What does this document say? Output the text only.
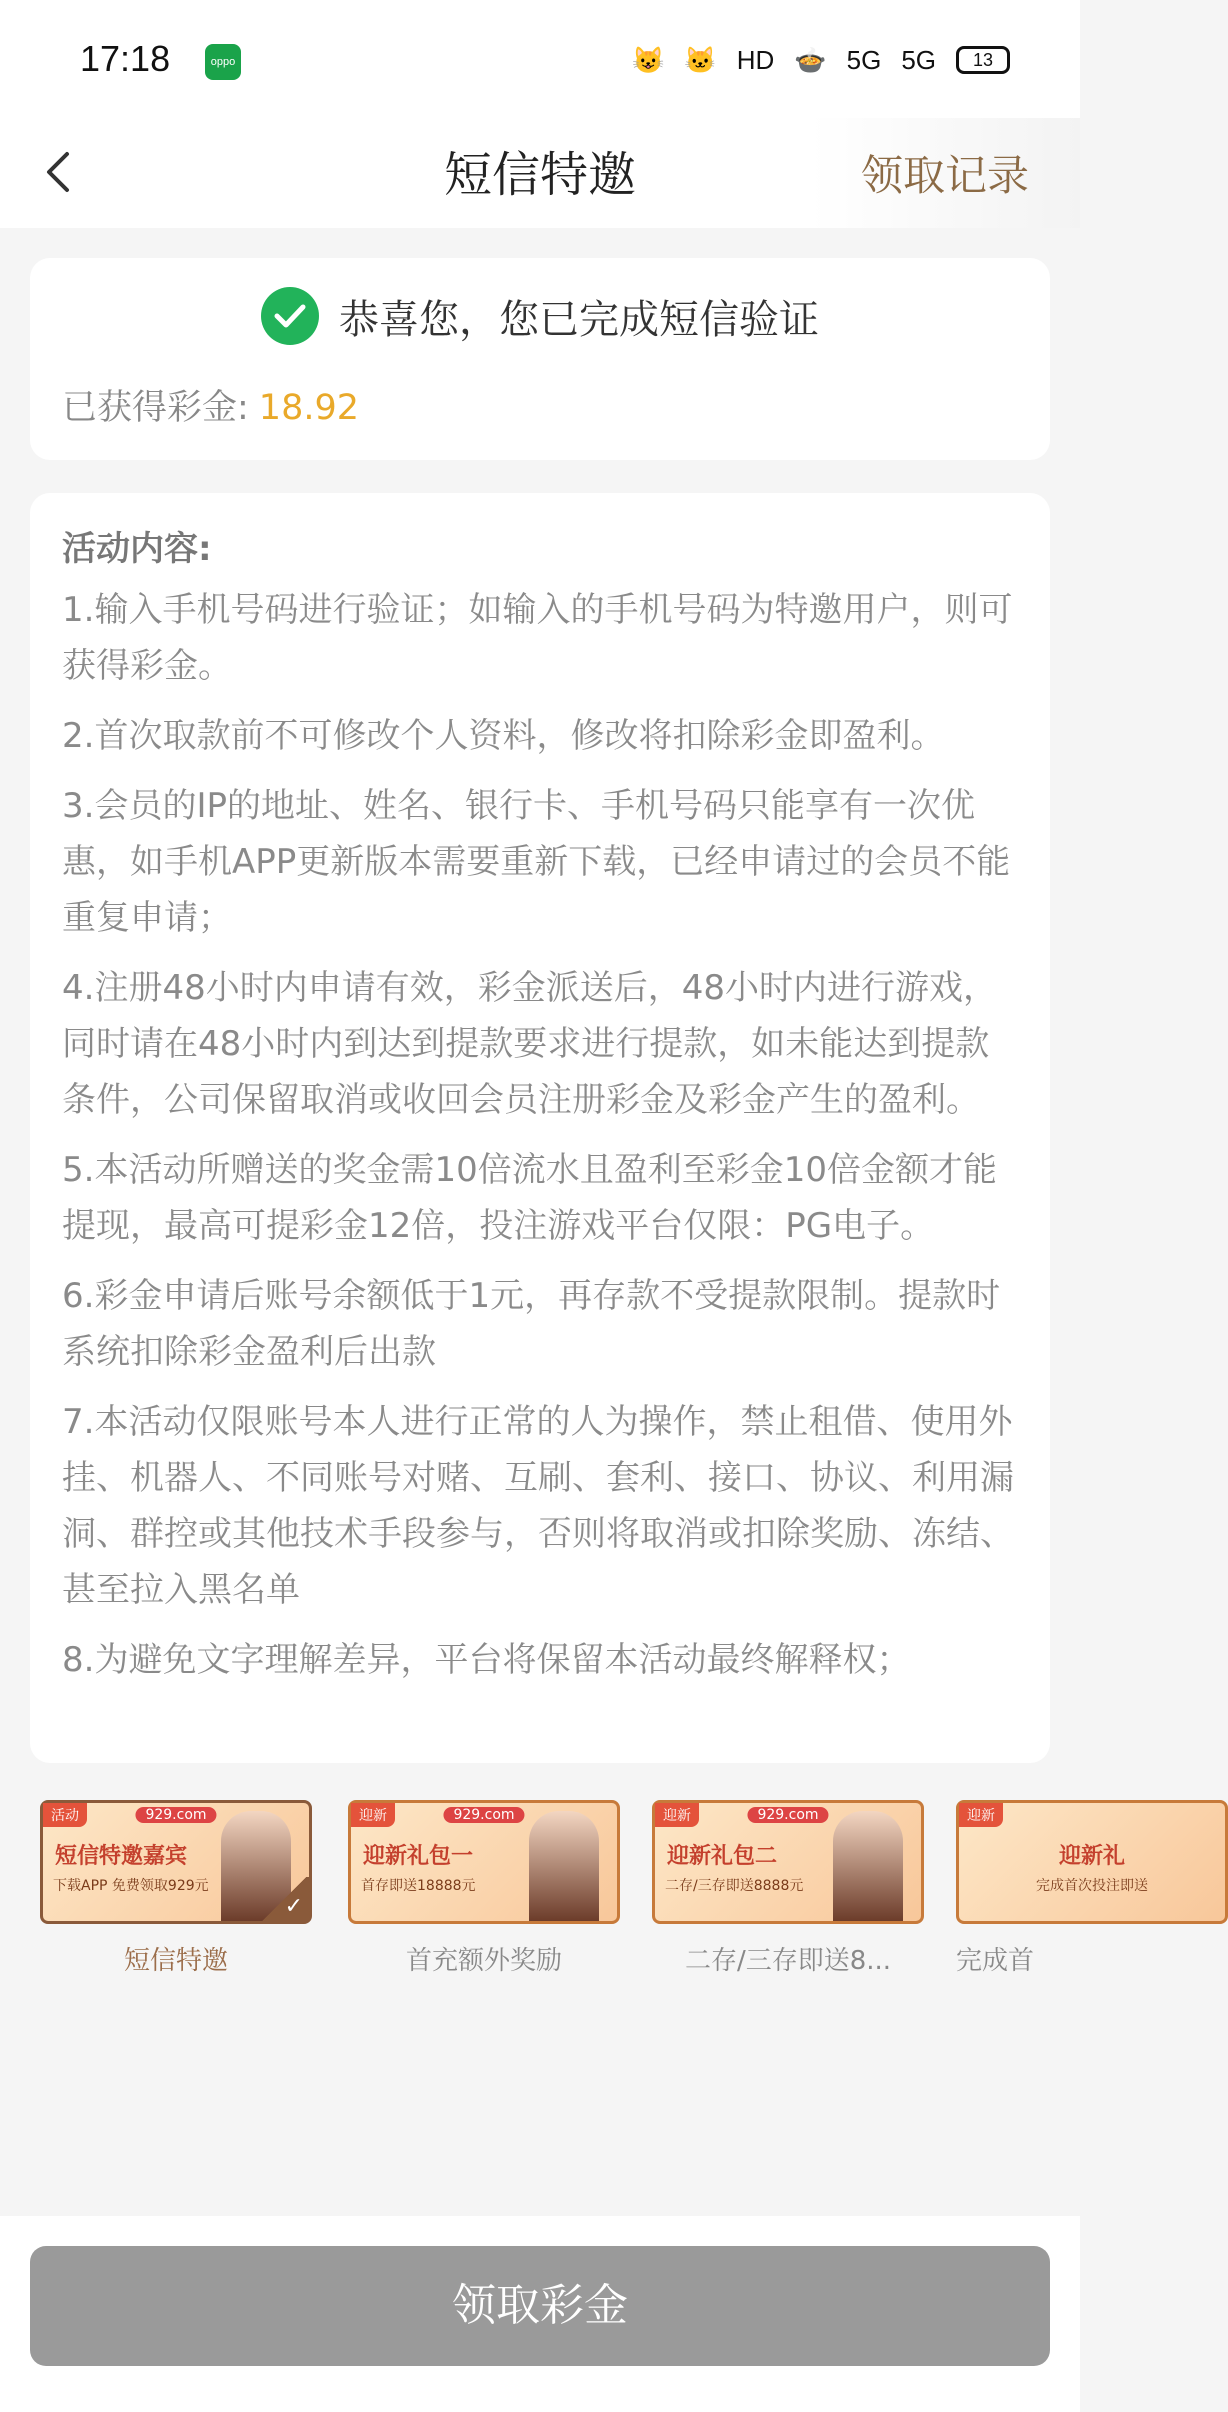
17:18	oppo	😺 🐱 HD 🍲 5G 5G	13
短信特邀	领取记录
恭喜您，您已完成短信验证
已获得彩金: 18.92
活动内容:

1.输入手机号码进行验证；如输入的手机号码为特邀用户，则可获得彩金。

2.首次取款前不可修改个人资料，修改将扣除彩金即盈利。

3.会员的IP的地址、姓名、银行卡、手机号码只能享有一次优惠，如手机APP更新版本需要重新下载，已经申请过的会员不能重复申请；

4.注册48小时内申请有效，彩金派送后，48小时内进行游戏，同时请在48小时内到达到提款要求进行提款，如未能达到提款条件，公司保留取消或收回会员注册彩金及彩金产生的盈利。

5.本活动所赠送的奖金需10倍流水且盈利至彩金10倍金额才能提现，最高可提彩金12倍，投注游戏平台仅限：PG电子。

6.彩金申请后账号余额低于1元，再存款不受提款限制。提款时系统扣除彩金盈利后出款

7.本活动仅限账号本人进行正常的人为操作，禁止租借、使用外挂、机器人、不同账号对赌、互刷、套利、接口、协议、利用漏洞、群控或其他技术手段参与，否则将取消或扣除奖励、冻结、甚至拉入黑名单

8.为避免文字理解差异，平台将保留本活动最终解释权；

活动	929.com
短信特邀嘉宾
下载APP 免费领取929元
✓
短信特邀
迎新	929.com
迎新礼包一
首存即送18888元
首充额外奖励
迎新	929.com
迎新礼包二
二存/三存即送8888元
二存/三存即送8...
迎新
迎新礼
完成首次投注即送
完成首
领取彩金
